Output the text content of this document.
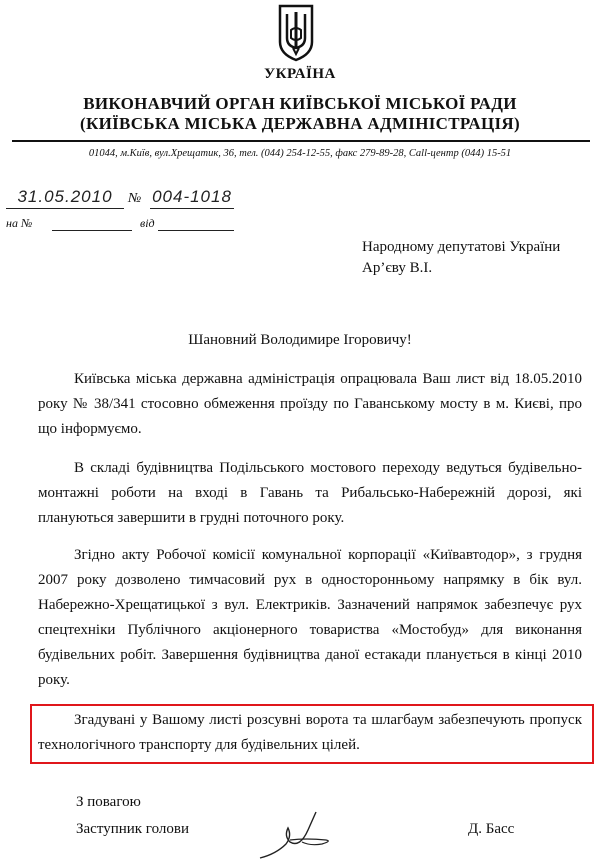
УКРАЇНА
ВИКОНАВЧИЙ ОРГАН КИЇВСЬКОЇ МІСЬКОЇ РАДИ
(КИЇВСЬКА МІСЬКА ДЕРЖАВНА АДМІНІСТРАЦІЯ)
01044, м.Київ, вул.Хрещатик, 36, тел. (044) 254-12-55, факс 279-89-28, Call-центр (044) 15-51
31.05.2010	№ 004-1018
на №	від
Народному депутатові України
Ар’єву В.І.
Шановний Володимире Ігоровичу!

Київська міська державна адміністрація опрацювала Ваш лист від 18.05.2010 року № 38/341 стосовно обмеження проїзду по Гаванському мосту в м. Києві, про що інформуємо.

В складі будівництва Подільського мостового переходу ведуться будівельно-монтажні роботи на вході в Гавань та Рибальсько-Набережній дорозі, які плануються завершити в грудні поточного року.

Згідно акту Робочої комісії комунальної корпорації «Київавтодор», з грудня 2007 року дозволено тимчасовий рух в односторонньому напрямку в бік вул. Набережно-Хрещатицької з вул. Електриків. Зазначений напрямок забезпечує рух спецтехніки Публічного акціонерного товариства «Мостобуд» для виконання будівельних робіт. Завершення будівництва даної естакади планується в кінці 2010 року.

Згадувані у Вашому листі розсувні ворота та шлагбаум забезпечують пропуск технологічного транспорту для будівельних цілей.

З повагою
Заступник голови	Д. Басс
